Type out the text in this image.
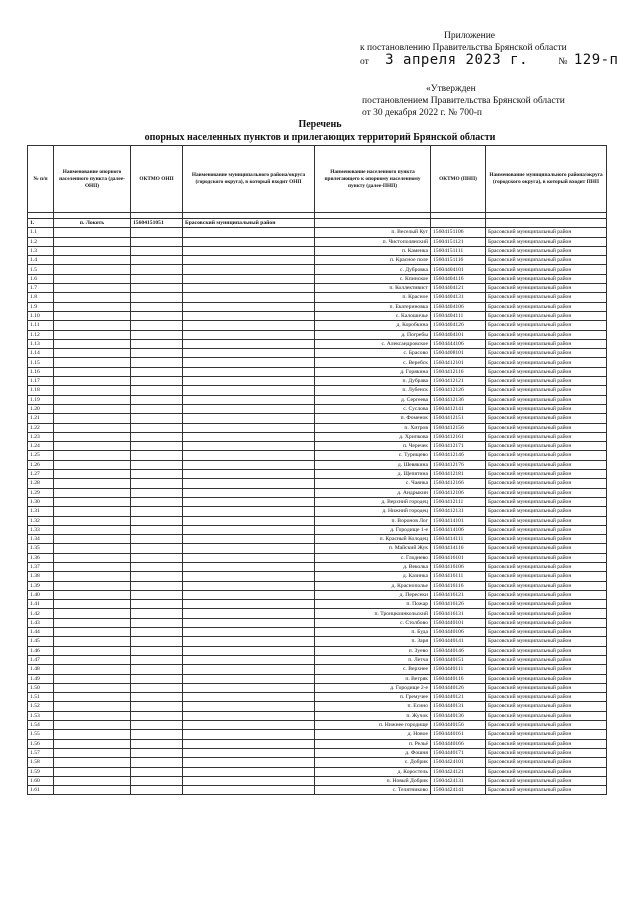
Приложение
к постановлению Правительства Брянской области
от 3 апреля 2023 г.	№ 129-п
«Утвержден
постановлением Правительства Брянской области
от 30 декабря 2022 г. № 700-п
Перечень
опорных населенных пунктов и прилегающих территорий Брянской области
№ п/п	Наименование опорного населенного пункта (далее-ОНП)	ОКТМО ОНП	Наименование муниципального района/округа (городского округа), в который входит ОНП	Наименование населенного пункта прилегающего к опорному населенному пункту (далее-ПНП)	ОКТМО (ПНП)	Наименование муниципального района/округа (городского округа), в который входит ПНП

1.	п. Локоть	15604151051	Брасовский муниципальный район			
1.1				п. Веселый Кут	15604151106	Брасовский муниципальный район
1.2				п. Чистополянский	15604151121	Брасовский муниципальный район
1.3				п. Каменка	15604151111	Брасовский муниципальный район
1.4				п. Красное поле	15604151116	Брасовский муниципальный район
1.5				с. Дубровка	15604404101	Брасовский муниципальный район
1.6				с. Кпинское	15604404116	Брасовский муниципальный район
1.7				п. Коллективист	15604404121	Брасовский муниципальный район
1.8				п. Красное	15604404131	Брасовский муниципальный район
1.9				п. Екатериновка	15604404106	Брасовский муниципальный район
1.10				с. Калошичье	15604404111	Брасовский муниципальный район
1.11				д. Коробкина	15604404126	Брасовский муниципальный район
1.12				д. Погребы	15604404101	Брасовский муниципальный район
1.13				с. Александровское	15604444106	Брасовский муниципальный район
1.14				с. Брасово	15604408101	Брасовский муниципальный район
1.15				с. Веребск	15604412101	Брасовский муниципальный район
1.16				д. Горякина	15604412116	Брасовский муниципальный район
1.17				п. Дубрава	15604412121	Брасовский муниципальный район
1.18				п. Лубенск	15604412126	Брасовский муниципальный район
1.19				д. Сергеева	15604412136	Брасовский муниципальный район
1.20				с. Суслова	15604412141	Брасовский муниципальный район
1.21				п. Фоменок	15604412151	Брасовский муниципальный район
1.22				п. Хитров	15604412156	Брасовский муниципальный район
1.23				д. Хрипкова	15604412161	Брасовский муниципальный район
1.24				п. Черечек	15604412171	Брасовский муниципальный район
1.25				с. Турищево	15604412146	Брасовский муниципальный район
1.26				д. Шевякина	15604412176	Брасовский муниципальный район
1.27				д. Щепятина	15604412181	Брасовский муниципальный район
1.28				с. Чаянка	15604412166	Брасовский муниципальный район
1.29				д. Андрыкин	15604412106	Брасовский муниципальный район
1.30				д. Верхний городец	15604412111	Брасовский муниципальный район
1.31				д. Нижний городец	15604412131	Брасовский муниципальный район
1.32				п. Воронов Лог	15604414101	Брасовский муниципальный район
1.33				д. Городище 1-е	15604414106	Брасовский муниципальный район
1.34				п. Красный Колодец	15604414111	Брасовский муниципальный район
1.35				п. Майский Жук	15604414116	Брасовский муниципальный район
1.36				с. Глоднево	15604416101	Брасовский муниципальный район
1.37				д. Веколка	15604416106	Брасовский муниципальный район
1.38				д. Казинка	15604416111	Брасовский муниципальный район
1.39				д. Краснополье	15604416116	Брасовский муниципальный район
1.40				д. Пересеки	15604416121	Брасовский муниципальный район
1.41				п. Пожар	15604416126	Брасовский муниципальный район
1.42				п. Троицкоинкольский	15604416131	Брасовский муниципальный район
1.43				с. Столбово	15604440101	Брасовский муниципальный район
1.44				п. Буда	15604440106	Брасовский муниципальный район
1.45				п. Заря	15604440141	Брасовский муниципальный район
1.46				п. Зуево	15604440146	Брасовский муниципальный район
1.47				п. Летча	15604440151	Брасовский муниципальный район
1.48				с. Верхнее	15604440111	Брасовский муниципальный район
1.49				п. Ветряк	15604440116	Брасовский муниципальный район
1.50				д. Городище 2-е	15604440126	Брасовский муниципальный район
1.51				п. Гремучее	15604440121	Брасовский муниципальный район
1.52				п. Есино	15604440131	Брасовский муниципальный район
1.53				п. Жучок	15604440136	Брасовский муниципальный район
1.54				п. Нижнее городище	15604440156	Брасовский муниципальный район
1.55				д. Новое	15604440161	Брасовский муниципальный район
1.56				п. Рельё	15604440166	Брасовский муниципальный район
1.57				д. Фошня	15604440171	Брасовский муниципальный район
1.58				с. Добрик	15604424101	Брасовский муниципальный район
1.59				д. Коростель	15604424121	Брасовский муниципальный район
1.60				п. Новый Добрик	15604424131	Брасовский муниципальный район
1.61				с. Телятниково	15604424141	Брасовский муниципальный район
